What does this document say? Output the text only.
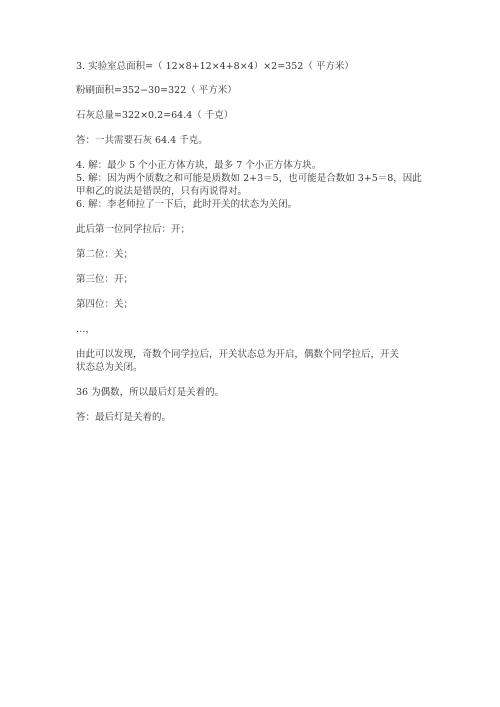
3. 实验室总面积=（ 12×8+12×4+8×4）×2=352（ 平方米）
粉刷面积=352−30=322（ 平方米）
石灰总量=322×0.2=64.4（ 千克）
答：一共需要石灰 64.4 千克。
4. 解：最少 5 个小正方体方块，最多 7 个小正方体方块。
5. 解：因为两个质数之和可能是质数如 2+3＝5，也可能是合数如 3+5＝8，因此
甲和乙的说法是错误的，只有丙说得对。
6. 解：李老师拉了一下后，此时开关的状态为关闭。
此后第一位同学拉后：开；
第二位：关；
第三位：开；
第四位：关；
…，
由此可以发现，奇数个同学拉后，开关状态总为开启，偶数个同学拉后，开关
状态总为关闭。
36 为偶数，所以最后灯是关着的。
答：最后灯是关着的。
